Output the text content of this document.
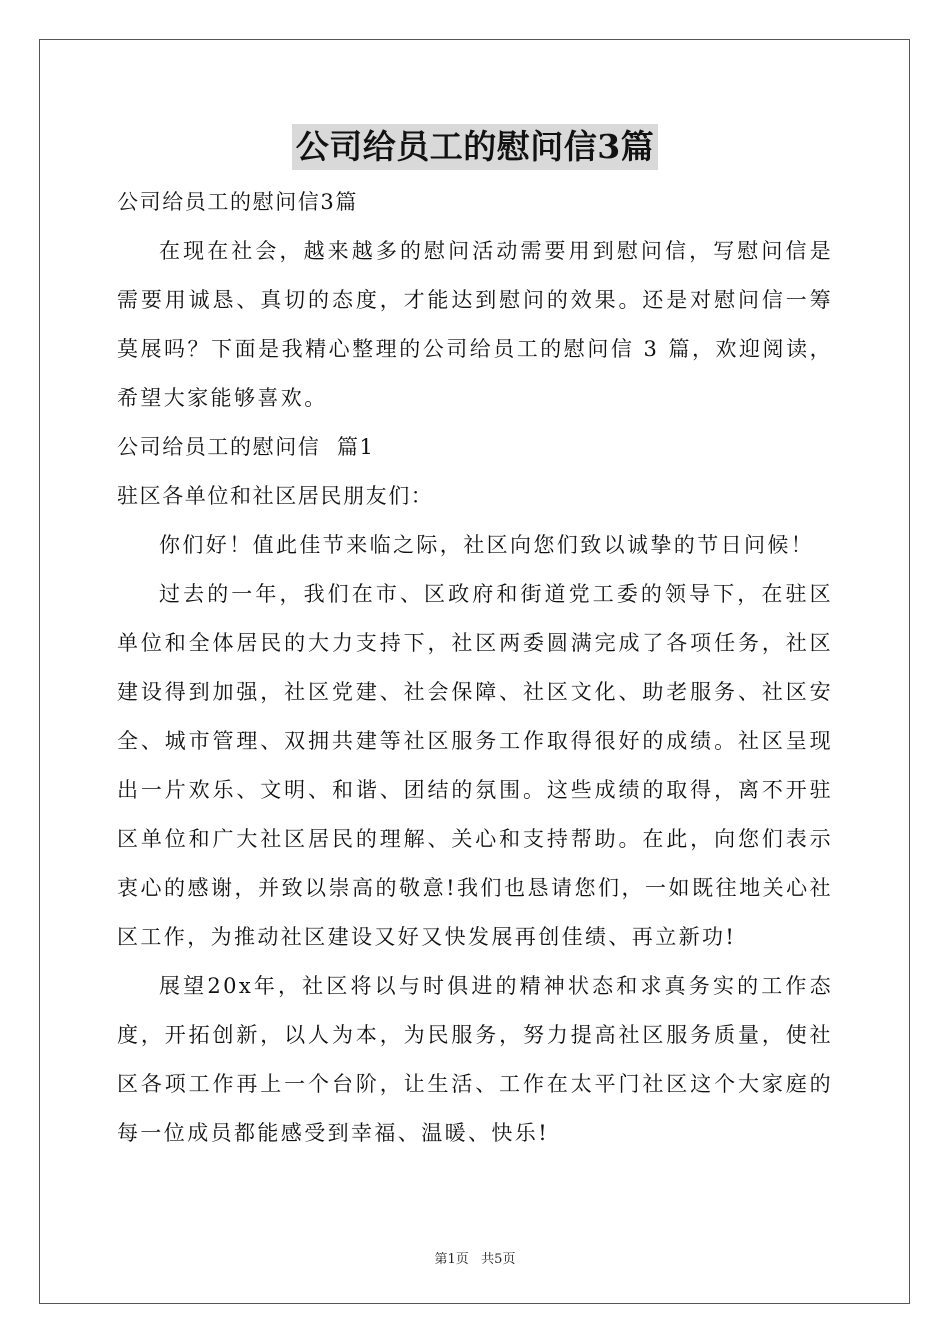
公司给员工的慰问信3篇

公司给员工的慰问信3篇

在现在社会，越来越多的慰问活动需要用到慰问信，写慰问信是需要用诚恳、真切的态度，才能达到慰问的效果。还是对慰问信一筹莫展吗？下面是我精心整理的公司给员工的慰问信 3 篇，欢迎阅读，希望大家能够喜欢。

公司给员工的慰问信  篇1

驻区各单位和社区居民朋友们：

你们好！值此佳节来临之际，社区向您们致以诚挚的节日问候！

过去的一年，我们在市、区政府和街道党工委的领导下，在驻区单位和全体居民的大力支持下，社区两委圆满完成了各项任务，社区建设得到加强，社区党建、社会保障、社区文化、助老服务、社区安全、城市管理、双拥共建等社区服务工作取得很好的成绩。社区呈现出一片欢乐、文明、和谐、团结的氛围。这些成绩的取得，离不开驻区单位和广大社区居民的理解、关心和支持帮助。在此，向您们表示衷心的感谢，并致以崇高的敬意!我们也恳请您们，一如既往地关心社区工作，为推动社区建设又好又快发展再创佳绩、再立新功!

展望20x年，社区将以与时俱进的精神状态和求真务实的工作态度，开拓创新，以人为本，为民服务，努力提高社区服务质量，使社区各项工作再上一个台阶，让生活、工作在太平门社区这个大家庭的每一位成员都能感受到幸福、温暖、快乐!

第1页   共5页
